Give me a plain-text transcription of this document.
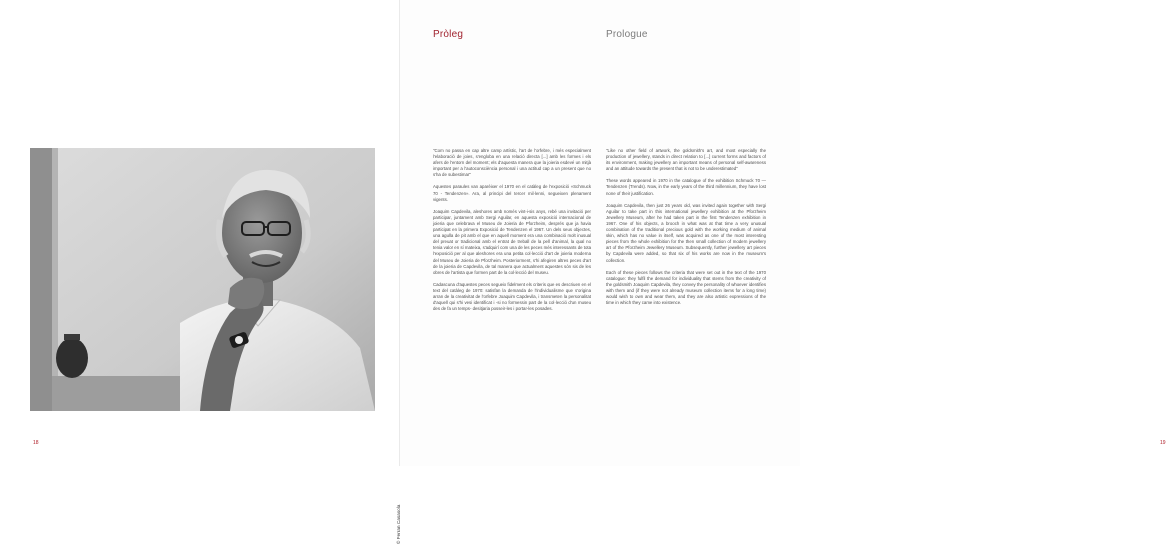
© Ferran Casasola
18	19
Pròleg	Prologue

"Com no passa en cap altre camp artístic, l'art de l'orfebre, i més especialment l'elaboració de joies, s'engloba en una relació directa [...] amb les formes i els afers de l'entorn del moment; els d'aquesta manera que la joieria esdevé un mitjà important per a l'autoconsciència personal i una actitud cap a un present que no s'ha de subestimar"

Aquestes paraules van aparèixer el 1970 en el catàleg de l'exposició «Schmuck 70 - Tendenzen». Ara, al principi del tercer mil·lenni, segueixen plenament vigents.

Joaquim Capdevila, aleshores amb només vint-i-sis anys, rebé una invitació per participar, juntament amb Sergi Aguilar, en aquesta exposició internacional de joieria que celebrava el Museu de Joieria de Pforzheim, després que ja havia participat en la primera Exposició de Tendenzen el 1967. Un dels seus objectes, una agulla de pit amb el que en aquell moment era una combinació molt inusual del preuat or tradicional amb el entrat de treball de la pell d'animal, la qual no tenia valor en sí mateixa, s'adquirí com una de les peces més interessants de tota l'exposició per al que aleshores era una petita col·lecció d'art de joieria moderna del Museu de Joieria de Pforzheim. Posteriorment, s'hi afegiren altres peces d'art de la joieria de Capdevila, de tal manera que actualment aquestes són sis de les obres de l'artista que formen part de la col·lecció del museu.

Cadascuna d'aquestes peces segueix fidelment els criteris que es descriuen en el text del catàleg de 1970: satisfan la demanda de l'individualisme que s'origina arran de la creativitat de l'orfebre Joaquim Capdevila, i transmeten la personalitat d'aquell qui s'hi vesi identificat i -si no formessin part de la col·lecció d'un museu des de fa un temps- desitjaria posseir-les i portar-les posades.

"Like no other field of artwork, the goldsmith's art, and most especially the production of jewellery, stands in direct relation to [...] current forms and factors of its environment, making jewellery an important means of personal self-awareness and an attitude towards the present that is not to be underestimated"

These words appeared in 1970 in the catalogue of the exhibition Schmuck 70 — Tendenzen (Trends). Now, in the early years of the third millennium, they have lost none of their justification.

Joaquim Capdevila, then just 26 years old, was invited again together with Sergi Aguilar to take part in this international jewellery exhibition at the Pforzheim Jewellery Museum, after he had taken part in the first Tendenzen exhibition in 1967. One of his objects, a brooch in what was at that time a very unusual combination of the traditional precious gold with the working medium of animal skin, which has no value in itself, was acquired as one of the most interesting pieces from the whole exhibition for the then small collection of modern jewellery art of the Pforzheim Jewellery Museum. Subsequently, further jewellery art pieces by Capdevila were added, so that six of his works are now in the museum's collection.

Each of these pieces follows the criteria that were set out in the text of the 1970 catalogue: they fulfil the demand for individuality that stems from the creativity of the goldsmith Joaquim Capdevila, they convey the personality of whoever identifies with them and (if they were not already museum collection items for a long time) would wish to own and wear them, and they are also artistic expressions of the time in which they came into existence.
